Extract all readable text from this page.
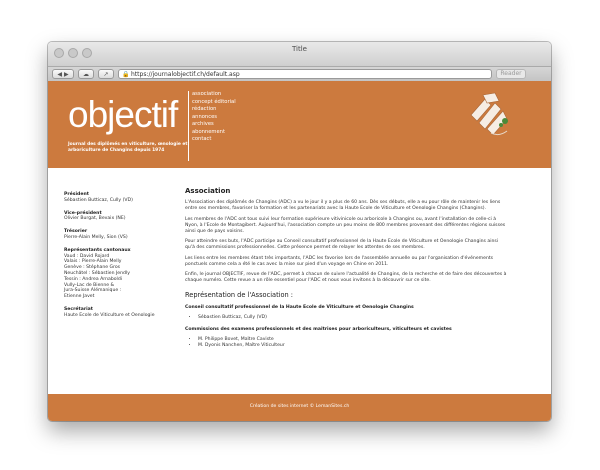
Title
◀ ▶	☁	↗	🔒 https://journalobjectif.ch/default.asp	Reader
objectif
Journal des diplômés en viticulture, œnologie et arboriculture de Changins depuis 1974
association
concept éditorial
rédaction
annonces
archives
abonnement
contact
Président
Sébastien Butticaz, Cully (VD)
Vice-président
Olivier Burgat, Bevaix (NE)
Trésorier
Pierre-Alain Melly, Sion (VS)
Représentants cantonaux
Vaud : David Rojard
Valais : Pierre-Alain Melly
Genève : Stéphane Gros
Neuchâtel : Sébastien Jendly
Tessin : Andrea Arnaboldi
Vully-Lac de Bienne &
Jura-Suisse Alémanique :
Etienne Javet
Secrétariat
Haute Ecole de Viticulture et Oenologie
Association

L'Association des diplômés de Changins (ADC) a vu le jour il y a plus de 60 ans. Dès ses débuts, elle a eu pour rôle de maintenir les liens entre ses membres, favoriser la formation et les partenariats avec la Haute Ecole de Viticulture et Oenologie Changins (Changins).

Les membres de l'ADC ont tous suivi leur formation supérieure vitivinicole ou arboricole à Changins ou, avant l'installation de celle-ci à Nyon, à l'Ecole de Montagibert. Aujourd'hui, l'association compte un peu moins de 800 membres provenant des différentes régions suisses ainsi que de pays voisins.

Pour atteindre ses buts, l'ADC participe au Conseil consultatif professionnel de la Haute Ecole de Viticulture et Oenologie Changins ainsi qu'à des commissions professionnelles. Cette présence permet de relayer les attentes de ses membres.

Les liens entre les membres étant très importants, l'ADC les favorise lors de l'assemblée annuelle ou par l'organisation d'événements ponctuels comme cela a été le cas avec la mise sur pied d'un voyage en Chine en 2011.

Enfin, le journal OBJECTIF, revue de l'ADC, permet à chacun de suivre l'actualité de Changins, de la recherche et de faire des découvertes à chaque numéro. Cette revue a un rôle essentiel pour l'ADC et nous vous invitons à la découvrir sur ce site.

Représentation de l'Association :
Conseil consultatif professionnel de la Haute Ecole de Viticulture et Oenologie Changins
• Sébastien Butticaz, Cully (VD)
Commissions des examens professionnels et des maîtrises pour arboriculteurs, viticulteurs et cavistes
• M. Philippe Bovet, Maître Caviste
• M. Dyonis Nanchen, Maître Viticulteur
Création de sites internet © LemanSites.ch
